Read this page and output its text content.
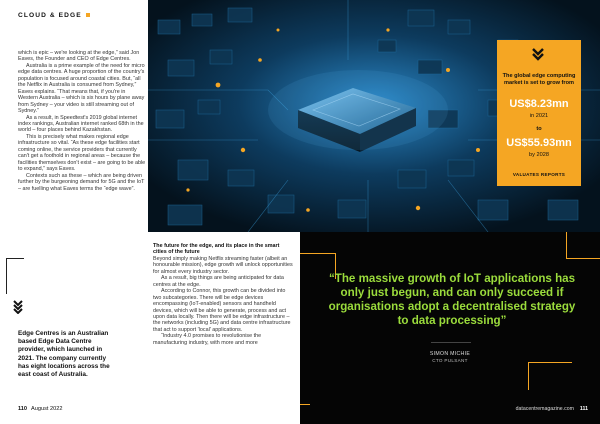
CLOUD & EDGE

which is epic – we're looking at the edge,” said Jon Eaves, the Founder and CEO of Edge Centres.

Australia is a prime example of the need for micro edge data centres. A huge proportion of the country's population is focused around coastal cities. But, “all the Netflix in Australia is consumed from Sydney,” Eaves explains. “That means that, if you're in Western Australia – which is six hours by plane away from Sydney – your video is still streaming out of Sydney.”

As a result, in Speedtest's 2019 global internet index rankings, Australian internet ranked 68th in the world – four places behind Kazakhstan.

This is precisely what makes regional edge infrastructure so vital. “As these edge facilities start coming online, the service providers that currently can't get a foothold in regional areas – because the facilities themselves don't exist – are going to be able to expand,” says Eaves.

Contexts such as these – which are being driven further by the burgeoning demand for 5G and the IoT – are fuelling what Eaves terms the “edge wave”.

Edge Centres is an Australian based Edge Data Centre provider, which launched in 2021. The company currently has eight locations across the east coast of Australia.
110 August 2022
The global edge computing market is set to grow from
US$8.23mn
in 2021
to
US$55.93mn
by 2028
VALUATES REPORTS

The future for the edge, and its place in the smart cities of the future

Beyond simply making Netflix streaming faster (albeit an honourable mission), edge growth will unlock opportunities for almost every industry sector.

As a result, big things are being anticipated for data centres at the edge.

According to Connor, this growth can be divided into two subcategories. There will be edge devices encompassing (IoT-enabled) sensors and handheld devices, which will be able to generate, process and act upon data locally. Then there will be edge infrastructure – the networks (including 5G) and data centre infrastructure that act to support 'local' applications.

“Industry 4.0 promises to revolutionise the manufacturing industry, with more and more

“The massive growth of IoT applications has only just begun, and can only succeed if organisations adopt a decentralised strategy to data processing”
SIMON MICHIE
CTO PULSANT
datacentremagazine.com 111
